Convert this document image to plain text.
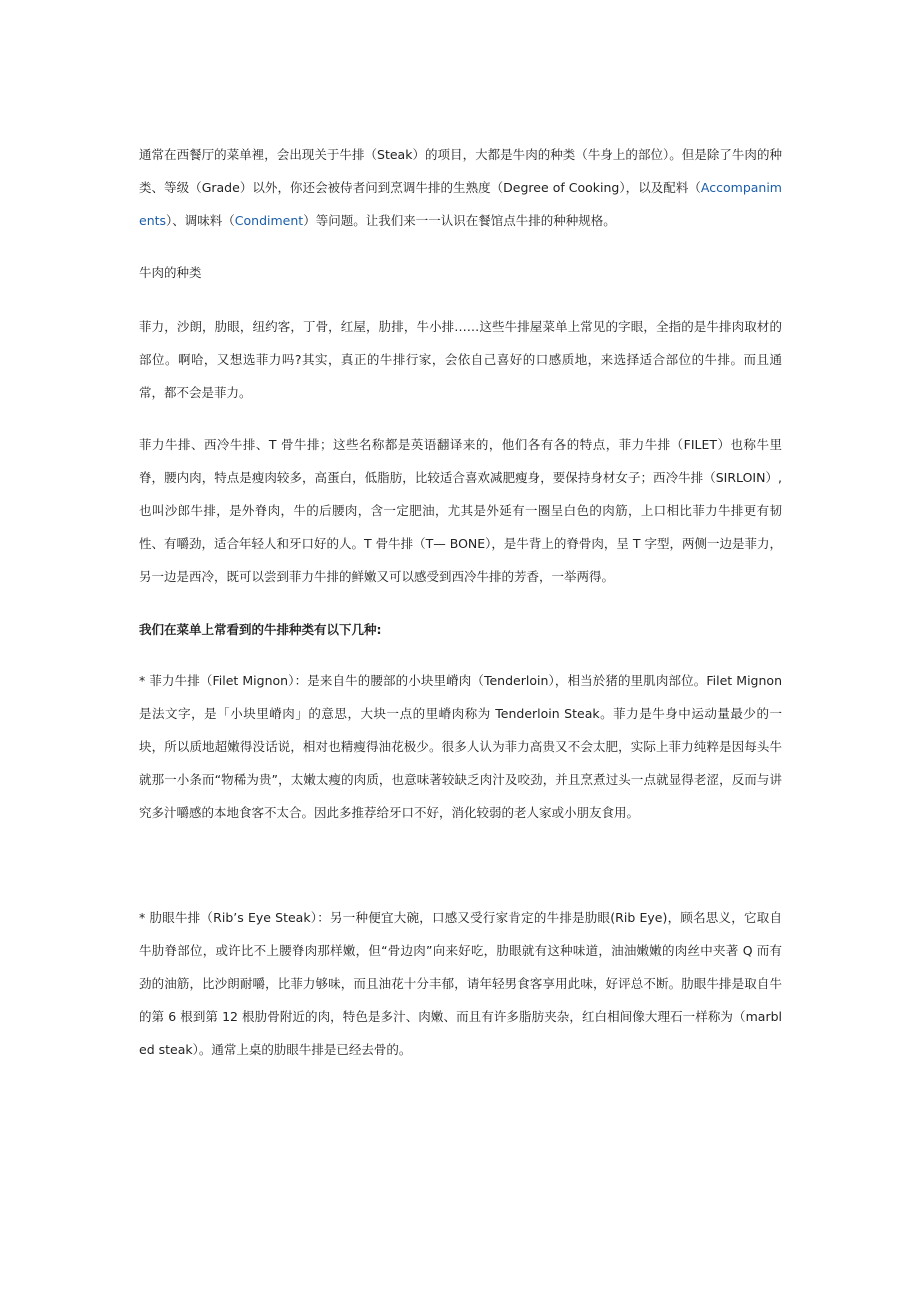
通常在西餐厅的菜单裡，会出现关于牛排（Steak）的项目，大都是牛肉的种类（牛身上的部位）。但是除了牛肉的种类、等级（Grade）以外，你还会被侍者问到烹调牛排的生熟度（Degree of Cooking），以及配料（Accompaniments）、调味料（Condiment）等问题。让我们来一一认识在餐馆点牛排的种种规格。

牛肉的种类

菲力，沙朗，肋眼，纽约客，丁骨，红屋，肋排，牛小排……这些牛排屋菜单上常见的字眼，全指的是牛排肉取材的部位。啊哈，又想选菲力吗?其实，真正的牛排行家，会依自己喜好的口感质地，来选择适合部位的牛排。而且通常，都不会是菲力。

菲力牛排、西冷牛排、T 骨牛排；这些名称都是英语翻译来的，他们各有各的特点，菲力牛排（FILET）也称牛里脊，腰内肉，特点是瘦肉较多，高蛋白，低脂肪，比较适合喜欢减肥瘦身，要保持身材女子；西冷牛排（SIRLOIN）,也叫沙郎牛排，是外脊肉，牛的后腰肉，含一定肥油，尤其是外延有一圈呈白色的肉筋，上口相比菲力牛排更有韧性、有嚼劲，适合年轻人和牙口好的人。T 骨牛排（T— BONE），是牛背上的脊骨肉，呈 T 字型，两侧一边是菲力，另一边是西冷，既可以尝到菲力牛排的鲜嫩又可以感受到西冷牛排的芳香，一举两得。

我们在菜单上常看到的牛排种类有以下几种:

* 菲力牛排（Filet Mignon）：是来自牛的腰部的小块里嵴肉（Tenderloin），相当於猪的里肌肉部位。Filet Mignon 是法文字，是「小块里嵴肉」的意思，大块一点的里嵴肉称为 Tenderloin Steak。菲力是牛身中运动量最少的一块，所以质地超嫩得没话说，相对也精瘦得油花极少。很多人认为菲力高贵又不会太肥，实际上菲力纯粹是因每头牛就那一小条而“物稀为贵”，太嫩太瘦的肉质，也意味著较缺乏肉汁及咬劲，并且烹煮过头一点就显得老涩，反而与讲究多汁嚼感的本地食客不太合。因此多推荐给牙口不好，消化较弱的老人家或小朋友食用。

* 肋眼牛排（Rib’s Eye Steak）：另一种便宜大碗，口感又受行家肯定的牛排是肋眼(Rib Eye)，顾名思义，它取自牛肋脊部位，或许比不上腰脊肉那样嫩，但“骨边肉”向来好吃，肋眼就有这种味道，油油嫩嫩的肉丝中夹著 Q 而有劲的油筋，比沙朗耐嚼，比菲力够味，而且油花十分丰郁，请年轻男食客享用此味，好评总不断。肋眼牛排是取自牛的第 6 根到第 12 根肋骨附近的肉，特色是多汁、肉嫩、而且有许多脂肪夹杂，红白相间像大理石一样称为（marbled steak）。通常上桌的肋眼牛排是已经去骨的。
